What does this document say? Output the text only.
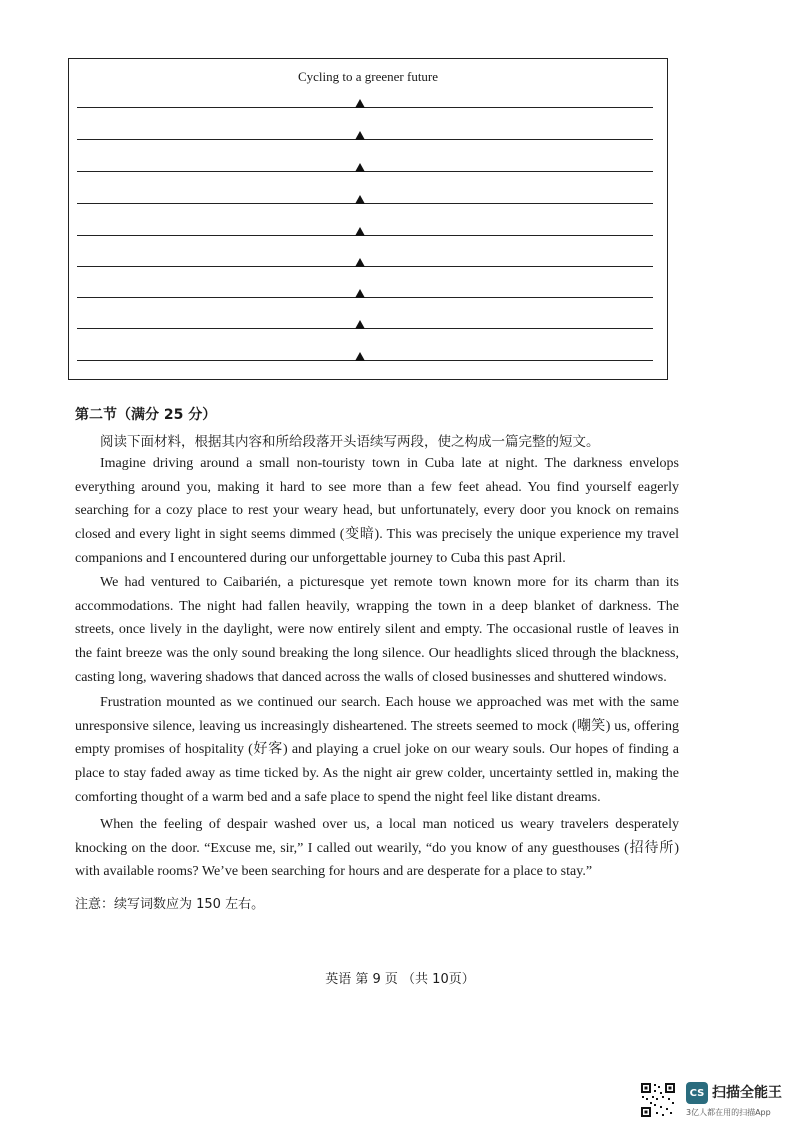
Cycling to a greener future
第二节（满分 25 分）
阅读下面材料，根据其内容和所给段落开头语续写两段，使之构成一篇完整的短文。

Imagine driving around a small non-touristy town in Cuba late at night. The darkness envelops everything around you, making it hard to see more than a few feet ahead. You find yourself eagerly searching for a cozy place to rest your weary head, but unfortunately, every door you knock on remains closed and every light in sight seems dimmed (变暗). This was precisely the unique experience my travel companions and I encountered during our unforgettable journey to Cuba this past April.

We had ventured to Caibarién, a picturesque yet remote town known more for its charm than its accommodations. The night had fallen heavily, wrapping the town in a deep blanket of darkness. The streets, once lively in the daylight, were now entirely silent and empty. The occasional rustle of leaves in the faint breeze was the only sound breaking the long silence. Our headlights sliced through the blackness, casting long, wavering shadows that danced across the walls of closed businesses and shuttered windows.

Frustration mounted as we continued our search. Each house we approached was met with the same unresponsive silence, leaving us increasingly disheartened. The streets seemed to mock (嘲笑) us, offering empty promises of hospitality (好客) and playing a cruel joke on our weary souls. Our hopes of finding a place to stay faded away as time ticked by. As the night air grew colder, uncertainty settled in, making the comforting thought of a warm bed and a safe place to spend the night feel like distant dreams.

When the feeling of despair washed over us, a local man noticed us weary travelers desperately knocking on the door. “Excuse me, sir,” I called out wearily, “do you know of any guesthouses (招待所) with available rooms? We’ve been searching for hours and are desperate for a place to stay.”

注意：续写词数应为 150 左右。
英语 第 9 页 （共 10页）
CS 扫描全能王
3亿人都在用的扫描App
